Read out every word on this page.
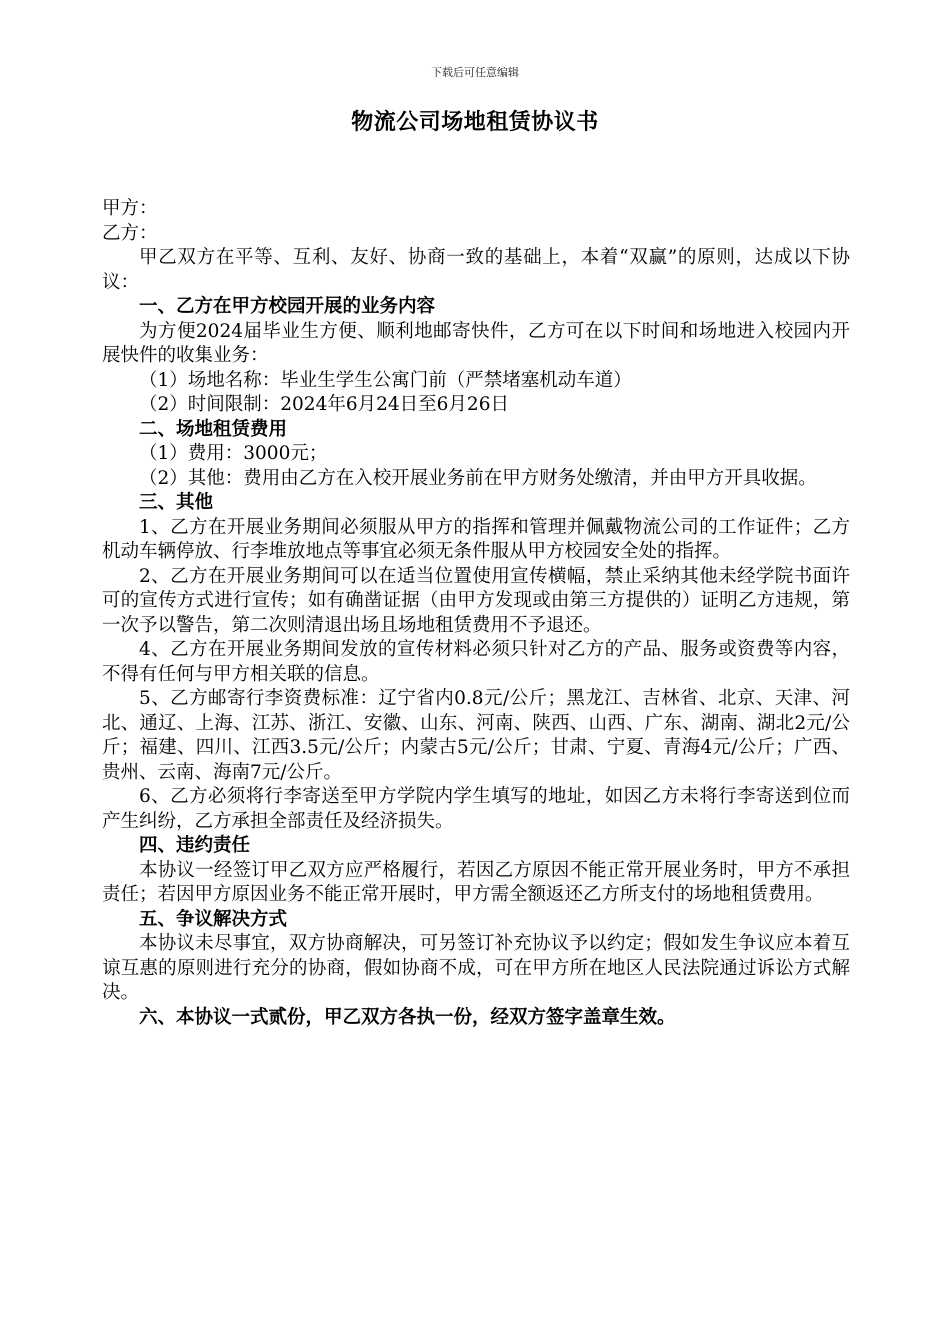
下载后可任意编辑
物流公司场地租赁协议书

甲方：

乙方：

甲乙双方在平等、互利、友好、协商一致的基础上，本着“双赢”的原则，达成以下协议：

一、乙方在甲方校园开展的业务内容

为方便2024届毕业生方便、顺利地邮寄快件，乙方可在以下时间和场地进入校园内开展快件的收集业务：

（1）场地名称：毕业生学生公寓门前（严禁堵塞机动车道）

（2）时间限制：2024年6月24日至6月26日

二、场地租赁费用

（1）费用：3000元；

（2）其他：费用由乙方在入校开展业务前在甲方财务处缴清，并由甲方开具收据。

三、其他

1、乙方在开展业务期间必须服从甲方的指挥和管理并佩戴物流公司的工作证件；乙方机动车辆停放、行李堆放地点等事宜必须无条件服从甲方校园安全处的指挥。

2、乙方在开展业务期间可以在适当位置使用宣传横幅，禁止采纳其他未经学院书面许可的宣传方式进行宣传；如有确凿证据（由甲方发现或由第三方提供的）证明乙方违规，第一次予以警告，第二次则清退出场且场地租赁费用不予退还。

4、乙方在开展业务期间发放的宣传材料必须只针对乙方的产品、服务或资费等内容，不得有任何与甲方相关联的信息。

5、乙方邮寄行李资费标准：辽宁省内0.8元/公斤；黑龙江、吉林省、北京、天津、河北、通辽、上海、江苏、浙江、安徽、山东、河南、陕西、山西、广东、湖南、湖北2元/公斤；福建、四川、江西3.5元/公斤；内蒙古5元/公斤；甘肃、宁夏、青海4元/公斤；广西、贵州、云南、海南7元/公斤。

6、乙方必须将行李寄送至甲方学院内学生填写的地址，如因乙方未将行李寄送到位而产生纠纷，乙方承担全部责任及经济损失。

四、违约责任

本协议一经签订甲乙双方应严格履行，若因乙方原因不能正常开展业务时，甲方不承担责任；若因甲方原因业务不能正常开展时，甲方需全额返还乙方所支付的场地租赁费用。

五、争议解决方式

本协议未尽事宜，双方协商解决，可另签订补充协议予以约定；假如发生争议应本着互谅互惠的原则进行充分的协商，假如协商不成，可在甲方所在地区人民法院通过诉讼方式解决。

六、本协议一式贰份，甲乙双方各执一份，经双方签字盖章生效。
